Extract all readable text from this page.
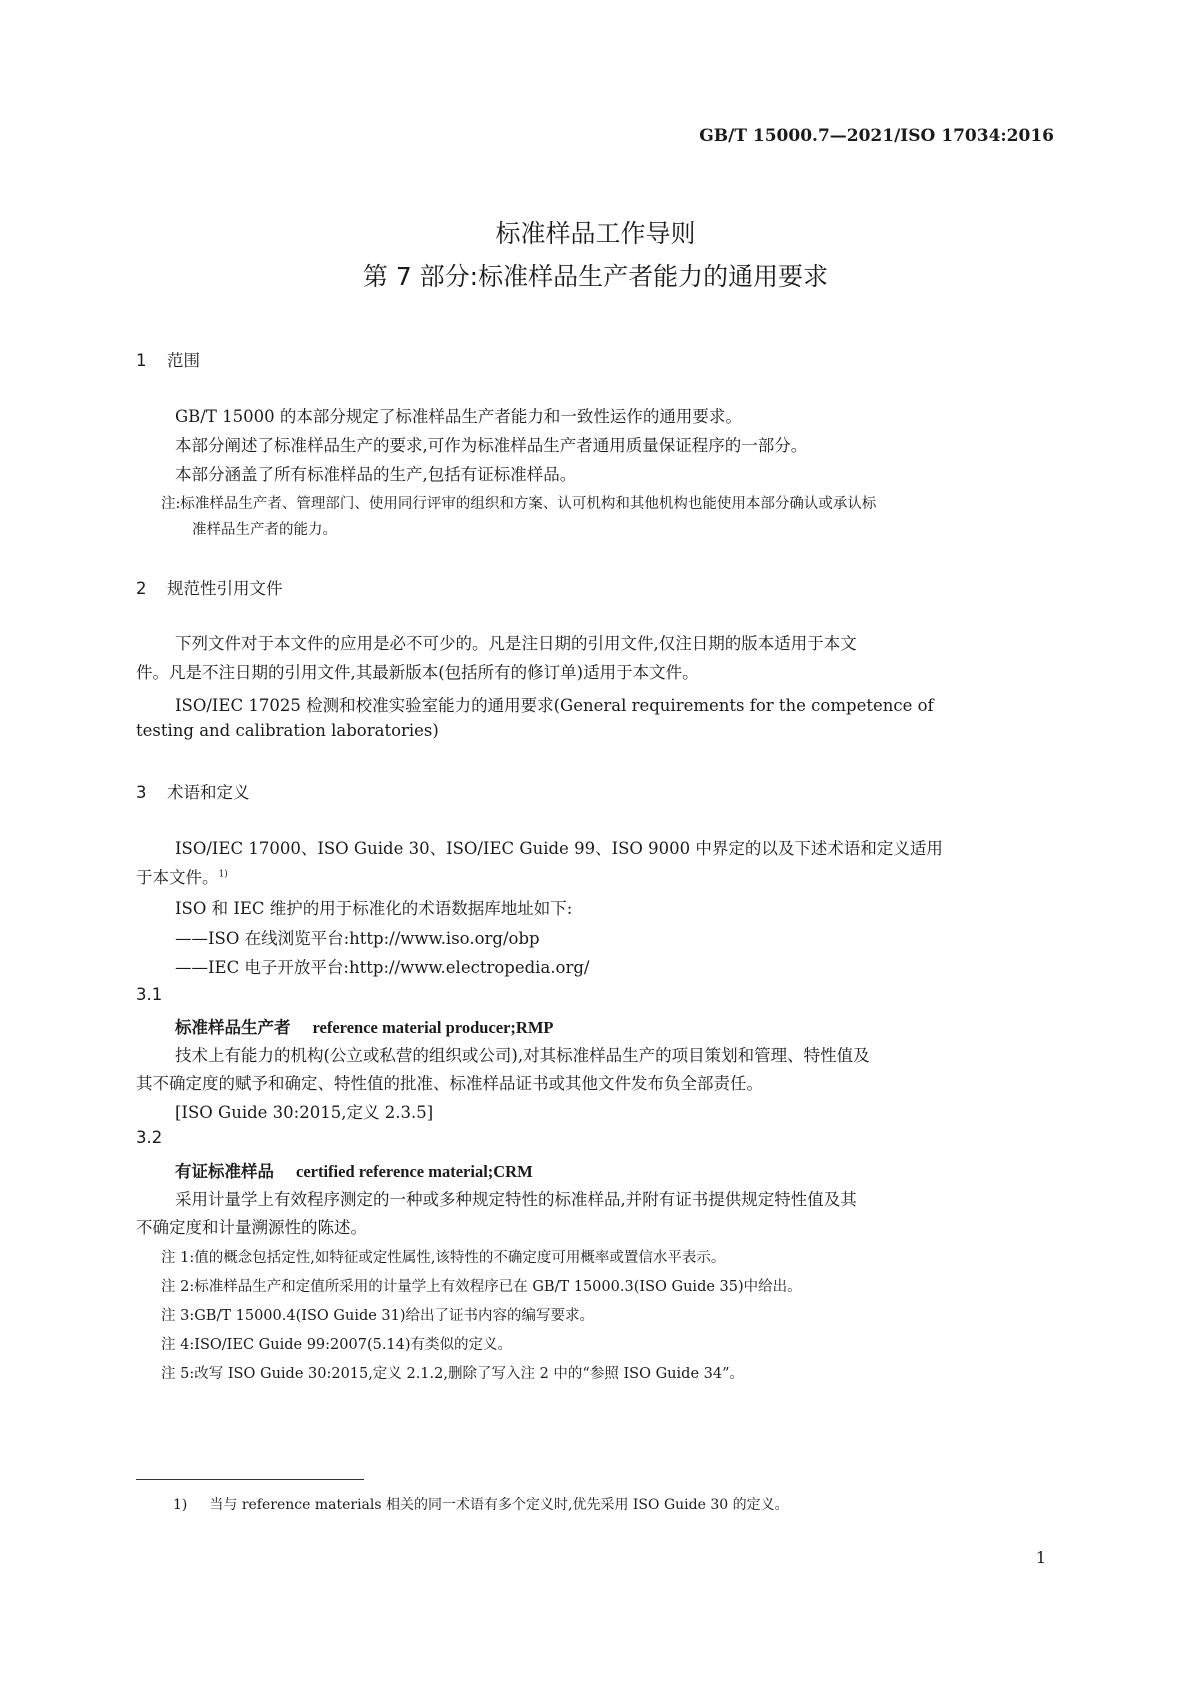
GB/T 15000.7—2021/ISO 17034:2016
标准样品工作导则
第 7 部分:标准样品生产者能力的通用要求
1 范围
GB/T 15000 的本部分规定了标准样品生产者能力和一致性运作的通用要求。
本部分阐述了标准样品生产的要求,可作为标准样品生产者通用质量保证程序的一部分。
本部分涵盖了所有标准样品的生产,包括有证标准样品。
注:标准样品生产者、管理部门、使用同行评审的组织和方案、认可机构和其他机构也能使用本部分确认或承认标
准样品生产者的能力。
2 规范性引用文件
下列文件对于本文件的应用是必不可少的。凡是注日期的引用文件,仅注日期的版本适用于本文
件。凡是不注日期的引用文件,其最新版本(包括所有的修订单)适用于本文件。
ISO/IEC 17025 检测和校准实验室能力的通用要求(General requirements for the competence of
testing and calibration laboratories)
3 术语和定义
ISO/IEC 17000、ISO Guide 30、ISO/IEC Guide 99、ISO 9000 中界定的以及下述术语和定义适用
于本文件。$^{1)}$
ISO 和 IEC 维护的用于标准化的术语数据库地址如下:
——ISO 在线浏览平台:http://www.iso.org/obp
——IEC 电子开放平台:http://www.electropedia.org/
3.1
标准样品生产者 reference material producer;RMP
技术上有能力的机构(公立或私营的组织或公司),对其标准样品生产的项目策划和管理、特性值及
其不确定度的赋予和确定、特性值的批准、标准样品证书或其他文件发布负全部责任。
[ISO Guide 30:2015,定义 2.3.5]
3.2
有证标准样品 certified reference material;CRM
采用计量学上有效程序测定的一种或多种规定特性的标准样品,并附有证书提供规定特性值及其
不确定度和计量溯源性的陈述。
注 1:值的概念包括定性,如特征或定性属性,该特性的不确定度可用概率或置信水平表示。
注 2:标准样品生产和定值所采用的计量学上有效程序已在 GB/T 15000.3(ISO Guide 35)中给出。
注 3:GB/T 15000.4(ISO Guide 31)给出了证书内容的编写要求。
注 4:ISO/IEC Guide 99:2007(5.14)有类似的定义。
注 5:改写 ISO Guide 30:2015,定义 2.1.2,删除了写入注 2 中的“参照 ISO Guide 34”。
1) 当与 reference materials 相关的同一术语有多个定义时,优先采用 ISO Guide 30 的定义。
1
